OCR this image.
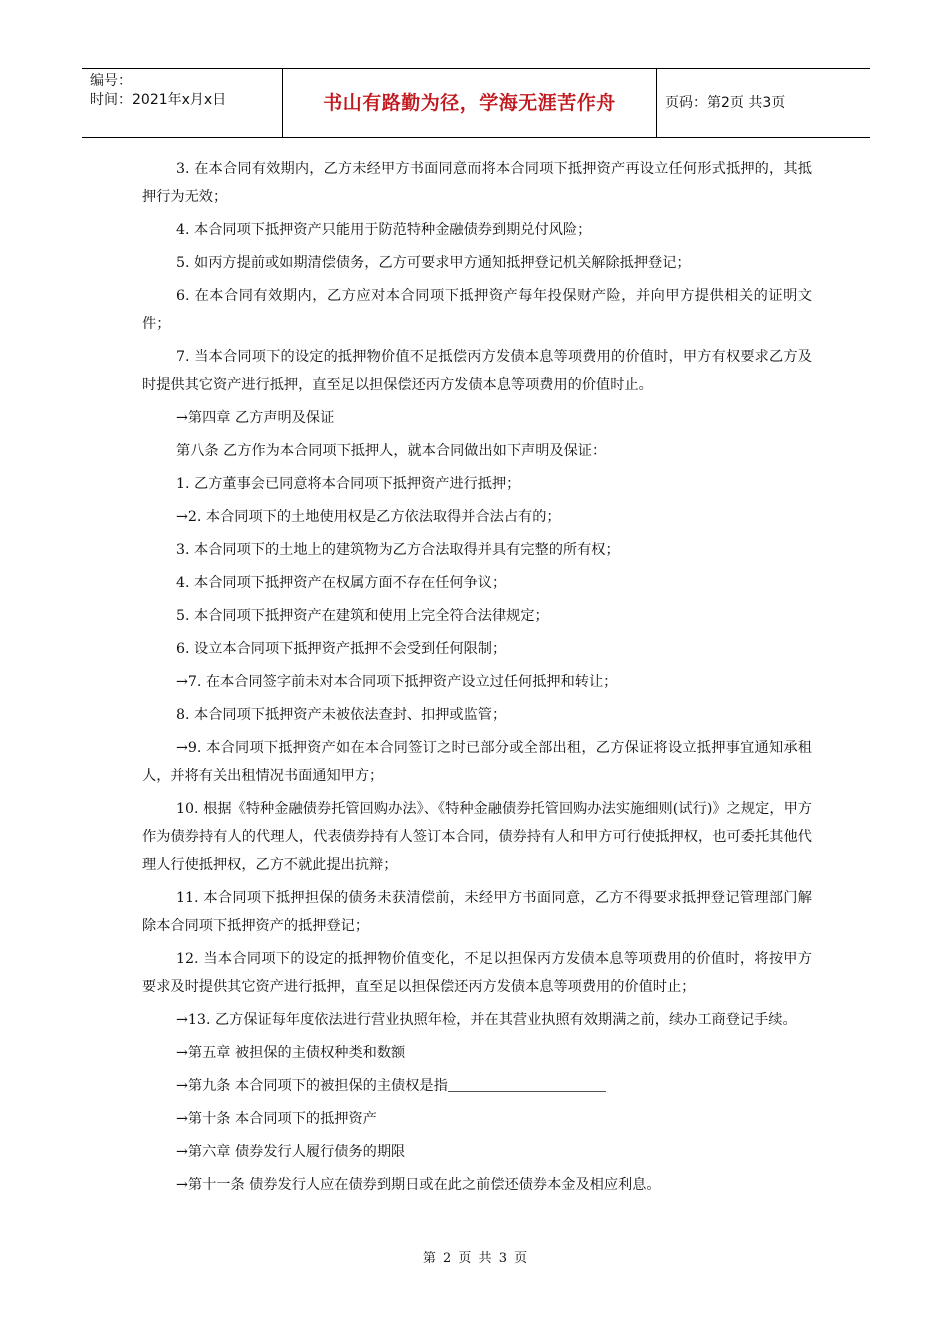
编号：
时间：2021年x月x日	书山有路勤为径，学海无涯苦作舟	页码：第2页 共3页

3. 在本合同有效期内，乙方未经甲方书面同意而将本合同项下抵押资产再设立任何形式抵押的，其抵押行为无效；

4. 本合同项下抵押资产只能用于防范特种金融债券到期兑付风险；

5. 如丙方提前或如期清偿债务，乙方可要求甲方通知抵押登记机关解除抵押登记；

6. 在本合同有效期内，乙方应对本合同项下抵押资产每年投保财产险，并向甲方提供相关的证明文件；

7. 当本合同项下的设定的抵押物价值不足抵偿丙方发债本息等项费用的价值时，甲方有权要求乙方及时提供其它资产进行抵押，直至足以担保偿还丙方发债本息等项费用的价值时止。

→第四章 乙方声明及保证

第八条 乙方作为本合同项下抵押人，就本合同做出如下声明及保证：

1. 乙方董事会已同意将本合同项下抵押资产进行抵押；

→2. 本合同项下的土地使用权是乙方依法取得并合法占有的；

3. 本合同项下的土地上的建筑物为乙方合法取得并具有完整的所有权；

4. 本合同项下抵押资产在权属方面不存在任何争议；

5. 本合同项下抵押资产在建筑和使用上完全符合法律规定；

6. 设立本合同项下抵押资产抵押不会受到任何限制；

→7. 在本合同签字前未对本合同项下抵押资产设立过任何抵押和转让；

8. 本合同项下抵押资产未被依法查封、扣押或监管；

→9. 本合同项下抵押资产如在本合同签订之时已部分或全部出租，乙方保证将设立抵押事宜通知承租人，并将有关出租情况书面通知甲方；

10. 根据《特种金融债券托管回购办法》、《特种金融债券托管回购办法实施细则(试行)》之规定，甲方作为债券持有人的代理人，代表债券持有人签订本合同，债券持有人和甲方可行使抵押权，也可委托其他代理人行使抵押权，乙方不就此提出抗辩；

11. 本合同项下抵押担保的债务未获清偿前，未经甲方书面同意，乙方不得要求抵押登记管理部门解除本合同项下抵押资产的抵押登记；

12. 当本合同项下的设定的抵押物价值变化，不足以担保丙方发债本息等项费用的价值时，将按甲方要求及时提供其它资产进行抵押，直至足以担保偿还丙方发债本息等项费用的价值时止；

→13. 乙方保证每年度依法进行营业执照年检，并在其营业执照有效期满之前，续办工商登记手续。

→第五章 被担保的主债权种类和数额

→第九条 本合同项下的被担保的主债权是指

→第十条 本合同项下的抵押资产

→第六章 债券发行人履行债务的期限

→第十一条 债券发行人应在债券到期日或在此之前偿还债券本金及相应利息。

第 2 页 共 3 页
